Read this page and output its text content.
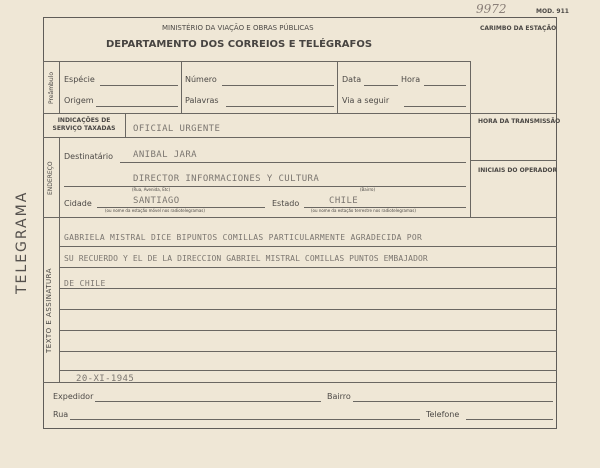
9972	MOD. 911
MINISTÉRIO DA VIAÇÃO E OBRAS PÚBLICAS
DEPARTAMENTO DOS CORREIOS E TELÉGRAFOS
CARIMBO DA ESTAÇÃO
TELEGRAMA
Preâmbulo Espécie
Origem
Número
Palavras
Data	Hora
Via a seguir
INDICAÇÕES DE SERVIÇO TAXADAS	OFICIAL URGENTE
HORA DA TRANSMISSÃO
INICIAIS DO OPERADOR
ENDEREÇO
Destinatário ANIBAL JARA
DIRECTOR INFORMACIONES Y CULTURA
(Rua, Avenida, Etc)	(Bairro)
Cidade	SANTIAGO
(ou nome da estação móvel nos radiotelegramas)
Estado	CHILE
(ou nome da estação terrestre nos radiotelegramas)
TEXTO E ASSINATURA
GABRIELA MISTRAL DICE BIPUNTOS COMILLAS PARTICULARMENTE AGRADECIDA POR
SU RECUERDO Y EL DE LA DIRECCION GABRIEL MISTRAL COMILLAS PUNTOS EMBAJADOR
DE CHILE
20-XI-1945
Expedidor	Bairro
Rua	Telefone
